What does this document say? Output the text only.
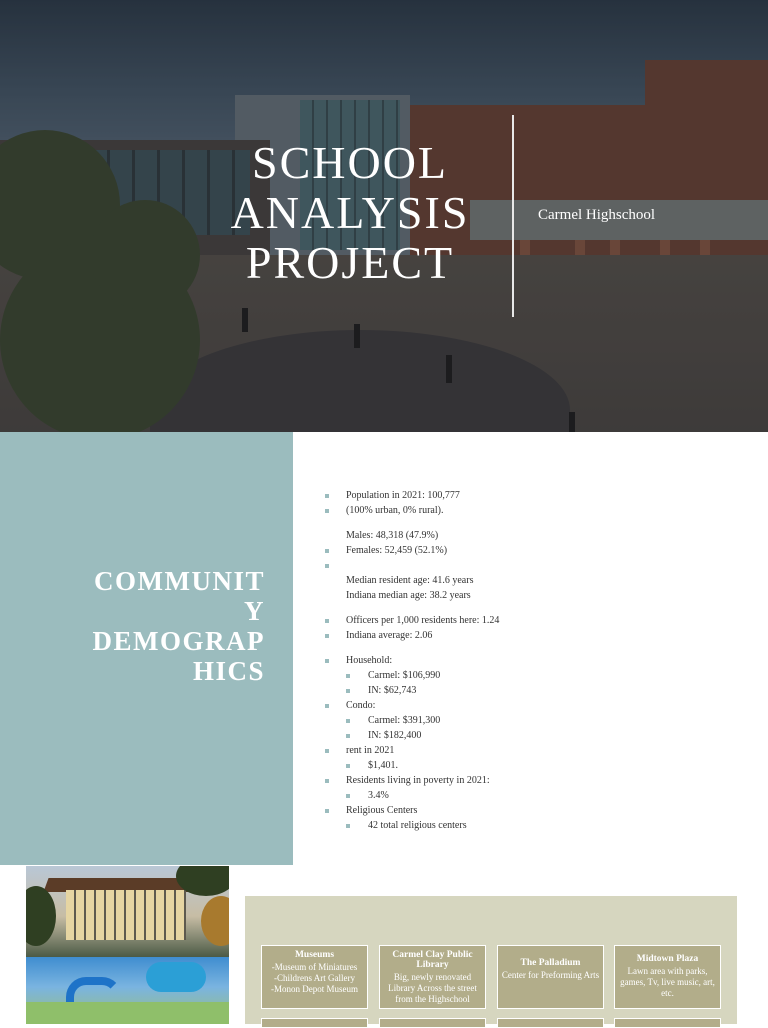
SCHOOL
ANALYSIS
PROJECT
Carmel Highschool
COMMUNIT
Y
DEMOGRAP
HICS
Population in 2021: 100,777
(100% urban, 0% rural).
Males: 48,318 (47.9%)
Females: 52,459 (52.1%)
Median resident age: 41.6 years
Indiana median age: 38.2 years
Officers per 1,000 residents here: 1.24
Indiana average: 2.06
Household:
Carmel: $106,990
IN: $62,743
Condo:
Carmel: $391,300
IN: $182,400
rent in 2021
$1,401.
Residents living in poverty in 2021:
3.4%
Religious Centers
42 total religious centers
Museums
-Museum of Miniatures
-Childrens Art Gallery
-Monon Depot Museum
Carmel Clay Public Library
Big, newly renovated Library Across the street from the Highschool
The Palladium
Center for Preforming Arts
Midtown Plaza
Lawn area with parks, games, Tv, live music, art, etc.
